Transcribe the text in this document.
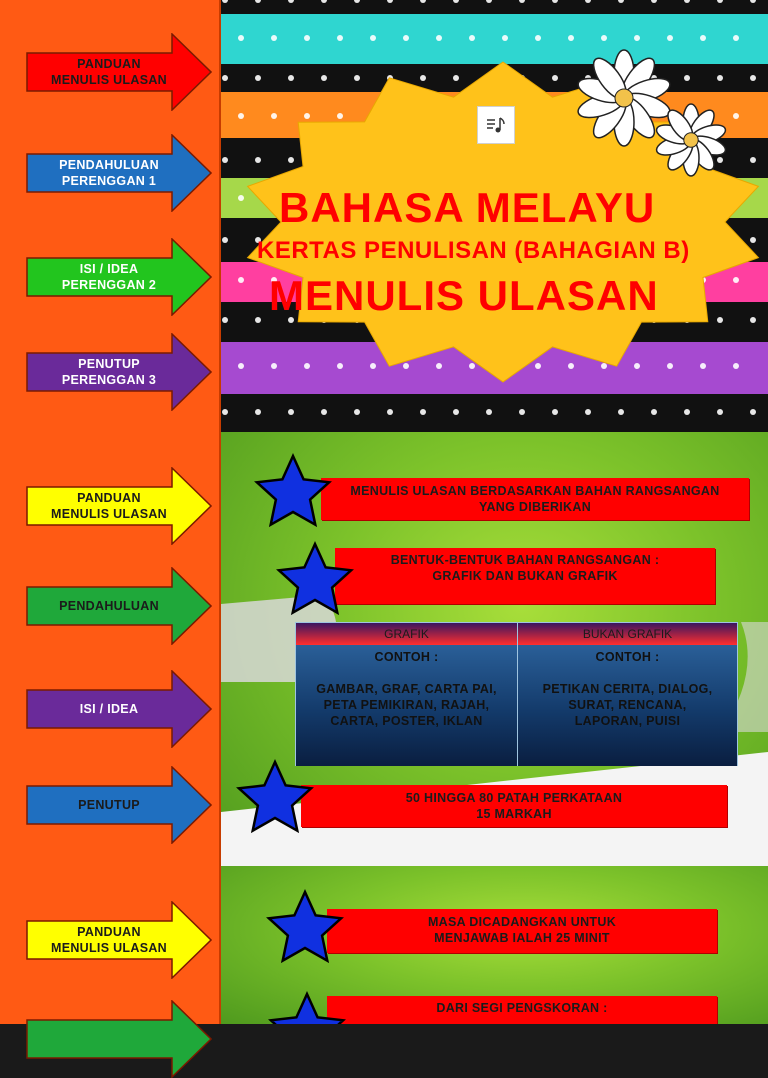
PANDUAN
MENULIS ULASAN
PENDAHULUAN
PERENGGAN 1
ISI / IDEA
PERENGGAN 2
PENUTUP
PERENGGAN 3
PANDUAN
MENULIS ULASAN
PENDAHULUAN
ISI / IDEA
PENUTUP
PANDUAN
MENULIS ULASAN
BAHASA MELAYU
KERTAS PENULISAN (BAHAGIAN B)
MENULIS ULASAN
MENULIS ULASAN BERDASARKAN BAHAN RANGSANGAN
YANG DIBERIKAN
BENTUK-BENTUK BAHAN RANGSANGAN :
GRAFIK DAN BUKAN GRAFIK
GRAFIK	BUKAN GRAFIK
CONTOH :
GAMBAR, GRAF, CARTA PAI,
PETA PEMIKIRAN, RAJAH,
CARTA, POSTER, IKLAN
CONTOH :
PETIKAN CERITA, DIALOG,
SURAT, RENCANA,
LAPORAN, PUISI
50 HINGGA 80 PATAH PERKATAAN
15 MARKAH
MASA DICADANGKAN UNTUK
MENJAWAB IALAH 25 MINIT
DARI SEGI PENGSKORAN :
